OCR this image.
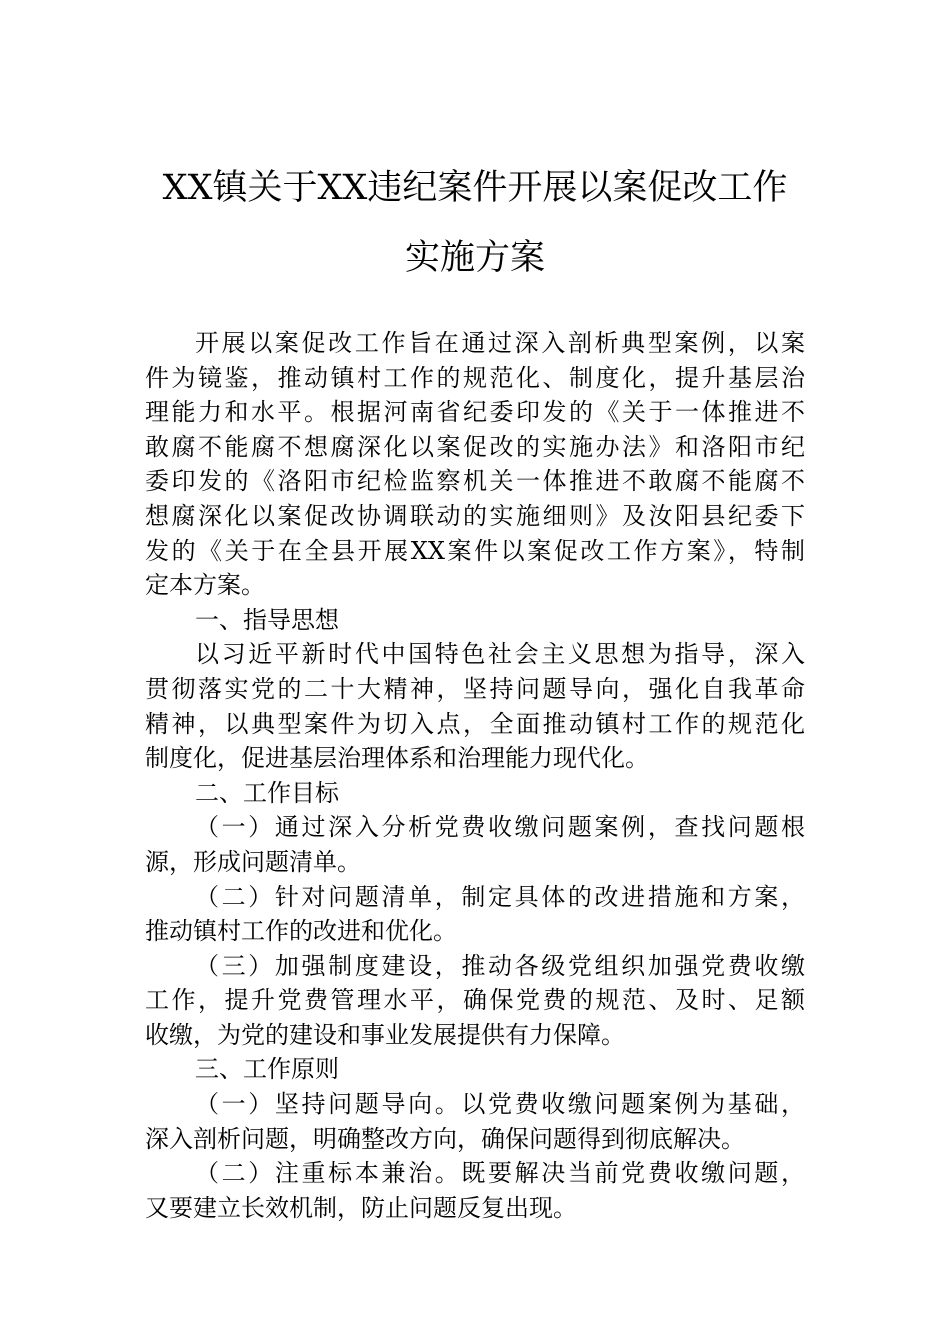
XX镇关于XX违纪案件开展以案促改工作
实施方案
开展以案促改工作旨在通过深入剖析典型案例，以案
件为镜鉴，推动镇村工作的规范化、制度化，提升基层治
理能力和水平。根据河南省纪委印发的《关于一体推进不
敢腐不能腐不想腐深化以案促改的实施办法》和洛阳市纪
委印发的《洛阳市纪检监察机关一体推进不敢腐不能腐不
想腐深化以案促改协调联动的实施细则》及汝阳县纪委下
发的《关于在全县开展XX案件以案促改工作方案》，特制
定本方案。
一、指导思想
以习近平新时代中国特色社会主义思想为指导，深入
贯彻落实党的二十大精神，坚持问题导向，强化自我革命
精神，以典型案件为切入点，全面推动镇村工作的规范化
制度化，促进基层治理体系和治理能力现代化。
二、工作目标
（一）通过深入分析党费收缴问题案例，查找问题根
源，形成问题清单。
（二）针对问题清单，制定具体的改进措施和方案，
推动镇村工作的改进和优化。
（三）加强制度建设，推动各级党组织加强党费收缴
工作，提升党费管理水平，确保党费的规范、及时、足额
收缴，为党的建设和事业发展提供有力保障。
三、工作原则
（一）坚持问题导向。以党费收缴问题案例为基础，
深入剖析问题，明确整改方向，确保问题得到彻底解决。
（二）注重标本兼治。既要解决当前党费收缴问题，
又要建立长效机制，防止问题反复出现。
